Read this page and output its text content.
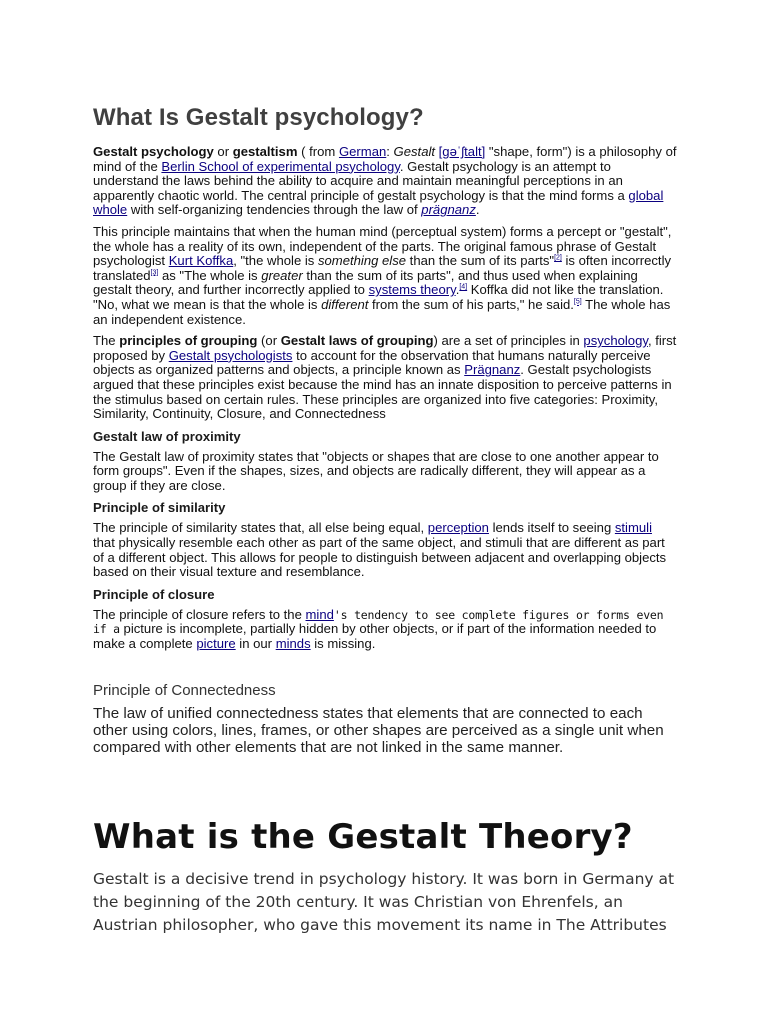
What Is Gestalt psychology?

Gestalt psychology or gestaltism ( from German: Gestalt [ɡəˈʃtalt] "shape, form") is a philosophy of mind of the Berlin School of experimental psychology. Gestalt psychology is an attempt to understand the laws behind the ability to acquire and maintain meaningful perceptions in an apparently chaotic world. The central principle of gestalt psychology is that the mind forms a global whole with self-organizing tendencies through the law of prägnanz.

This principle maintains that when the human mind (perceptual system) forms a percept or "gestalt", the whole has a reality of its own, independent of the parts. The original famous phrase of Gestalt psychologist Kurt Koffka, "the whole is something else than the sum of its parts"[2] is often incorrectly translated[3] as "The whole is greater than the sum of its parts", and thus used when explaining gestalt theory, and further incorrectly applied to systems theory.[4] Koffka did not like the translation. "No, what we mean is that the whole is different from the sum of his parts," he said.[5] The whole has an independent existence.

The principles of grouping (or Gestalt laws of grouping) are a set of principles in psychology, first proposed by Gestalt psychologists to account for the observation that humans naturally perceive objects as organized patterns and objects, a principle known as Prägnanz. Gestalt psychologists argued that these principles exist because the mind has an innate disposition to perceive patterns in the stimulus based on certain rules. These principles are organized into five categories: Proximity, Similarity, Continuity, Closure, and Connectedness

Gestalt law of proximity

The Gestalt law of proximity states that "objects or shapes that are close to one another appear to form groups". Even if the shapes, sizes, and objects are radically different, they will appear as a group if they are close.

Principle of similarity

The principle of similarity states that, all else being equal, perception lends itself to seeing stimuli that physically resemble each other as part of the same object, and stimuli that are different as part of a different object. This allows for people to distinguish between adjacent and overlapping objects based on their visual texture and resemblance.

Principle of closure

The principle of closure refers to the mind's tendency to see complete figures or forms even if a picture is incomplete, partially hidden by other objects, or if part of the information needed to make a complete picture in our minds is missing.

Principle of Connectedness

The law of unified connectedness states that elements that are connected to each other using colors, lines, frames, or other shapes are perceived as a single unit when compared with other elements that are not linked in the same manner.

What is the Gestalt Theory?

Gestalt is a decisive trend in psychology history. It was born in Germany at the beginning of the 20th century. It was Christian von Ehrenfels, an Austrian philosopher, who gave this movement its name in The Attributes
